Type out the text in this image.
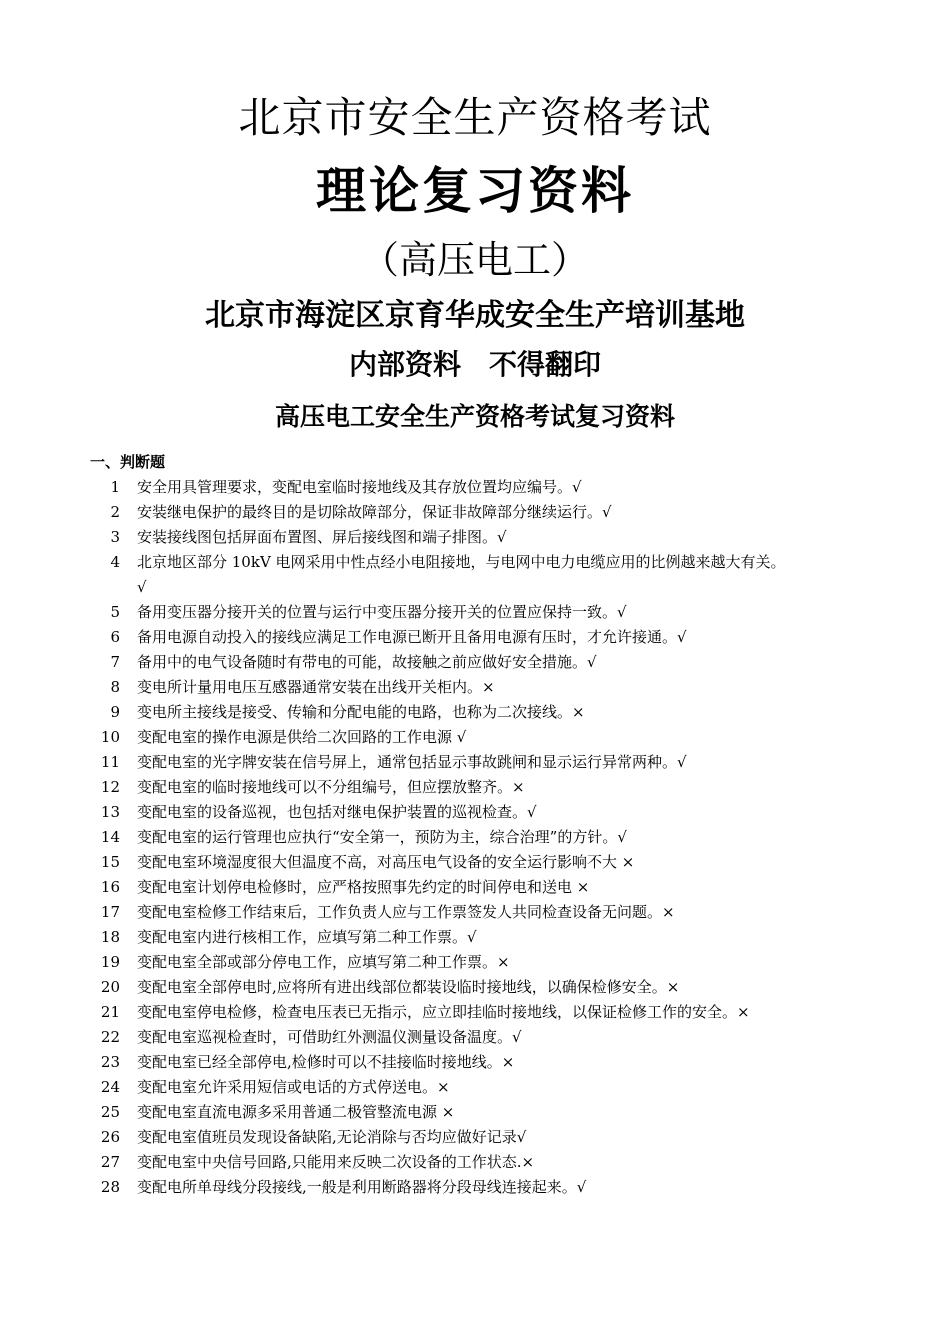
北京市安全生产资格考试
理论复习资料
（高压电工）
北京市海淀区京育华成安全生产培训基地
内部资料　不得翻印
高压电工安全生产资格考试复习资料
一、判断题
1 安全用具管理要求，变配电室临时接地线及其存放位置均应编号。√
2 安装继电保护的最终目的是切除故障部分，保证非故障部分继续运行。√
3 安装接线图包括屏面布置图、屏后接线图和端子排图。√
4 北京地区部分 10kV 电网采用中性点经小电阻接地，与电网中电力电缆应用的比例越来越大有关。
√
5 备用变压器分接开关的位置与运行中变压器分接开关的位置应保持一致。√
6 备用电源自动投入的接线应满足工作电源已断开且备用电源有压时，才允许接通。√
7 备用中的电气设备随时有带电的可能，故接触之前应做好安全措施。√
8 变电所计量用电压互感器通常安装在出线开关柜内。×
9 变电所主接线是接受、传输和分配电能的电路，也称为二次接线。×
10 变配电室的操作电源是供给二次回路的工作电源 √
11 变配电室的光字牌安装在信号屏上，通常包括显示事故跳闸和显示运行异常两种。√
12 变配电室的临时接地线可以不分组编号，但应摆放整齐。×
13 变配电室的设备巡视，也包括对继电保护装置的巡视检查。√
14 变配电室的运行管理也应执行“安全第一，预防为主，综合治理”的方针。√
15 变配电室环境湿度很大但温度不高，对高压电气设备的安全运行影响不大 ×
16 变配电室计划停电检修时，应严格按照事先约定的时间停电和送电 ×
17 变配电室检修工作结束后，工作负责人应与工作票签发人共同检查设备无问题。×
18 变配电室内进行核相工作，应填写第二种工作票。√
19 变配电室全部或部分停电工作，应填写第二种工作票。×
20 变配电室全部停电时,应将所有进出线部位都装设临时接地线，以确保检修安全。×
21 变配电室停电检修，检查电压表已无指示，应立即挂临时接地线，以保证检修工作的安全。×
22 变配电室巡视检查时，可借助红外测温仪测量设备温度。√
23 变配电室已经全部停电,检修时可以不挂接临时接地线。×
24 变配电室允许采用短信或电话的方式停送电。×
25 变配电室直流电源多采用普通二极管整流电源 ×
26 变配电室值班员发现设备缺陷,无论消除与否均应做好记录√
27 变配电室中央信号回路,只能用来反映二次设备的工作状态.×
28 变配电所单母线分段接线,一般是利用断路器将分段母线连接起来。√
